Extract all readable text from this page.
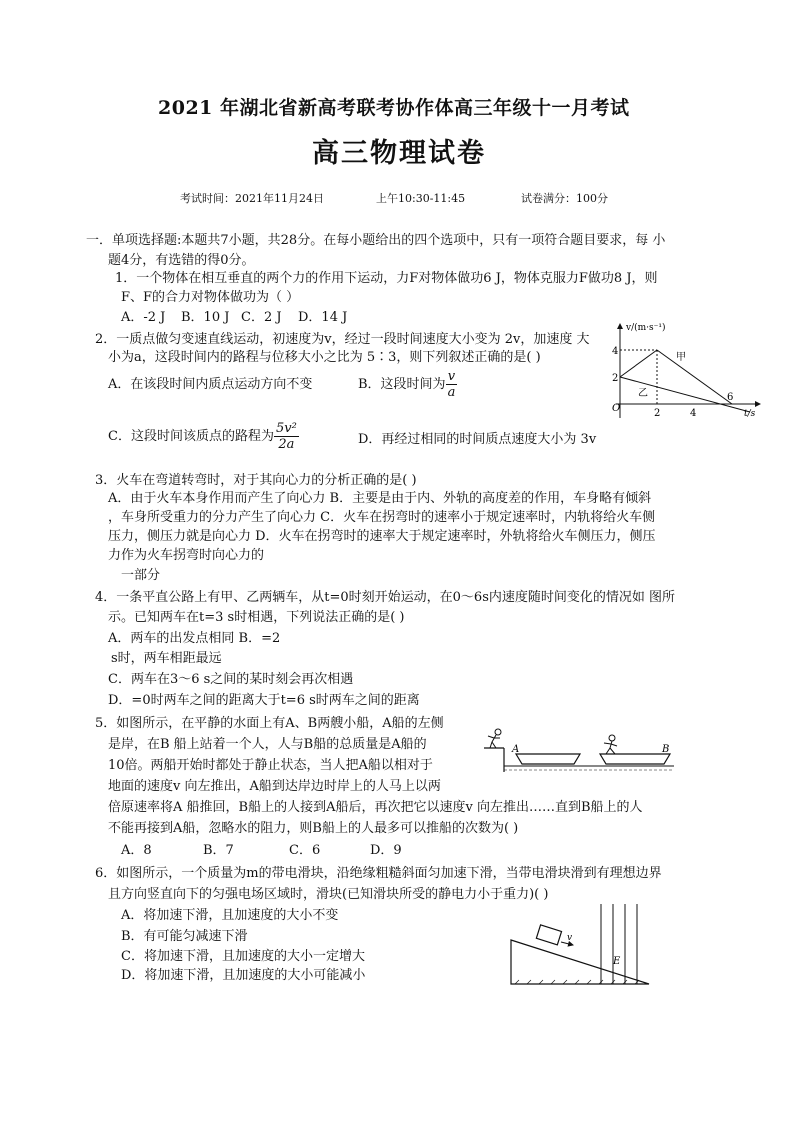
2021 年湖北省新高考联考协作体高三年级十一月考试
高三物理试卷
考试时间：2021年11月24日	上午10:30-11:45	试卷满分：100分
一．单项选择题:本题共7小题，共28分。在每小题给出的四个选项中，只有一项符合题目要求，每 小
题4分，有选错的得0分。
1．一个物体在相互垂直的两个力的作用下运动，力F对物体做功6 J，物体克服力F做功8 J，则
F、F的合力对物体做功为（ ）
A．-2 J B．10 J C．2 J D．14 J
2．一质点做匀变速直线运动，初速度为v，经过一段时间速度大小变为 2v，加速度 大
小为a，这段时间内的路程与位移大小之比为 5∶3，则下列叙述正确的是( )
A．在该段时间内质点运动方向不变	B．这段时间为 $\frac{v}{a}$
C．这段时间该质点的路程为 $\frac{\text{5v²}}{2a}$	D．再经过相同的时间质点速度大小为 3v
v/(m·s⁻¹)
t/s
O
4
2
2	4
6
甲
乙
3．火车在弯道转弯时，对于其向心力的分析正确的是( )
A．由于火车本身作用而产生了向心力 B．主要是由于内、外轨的高度差的作用，车身略有倾斜
，车身所受重力的分力产生了向心力 C．火车在拐弯时的速率小于规定速率时，内轨将给火车侧
压力，侧压力就是向心力 D．火车在拐弯时的速率大于规定速率时，外轨将给火车侧压力，侧压
力作为火车拐弯时向心力的
一部分
4．一条平直公路上有甲、乙两辆车，从t=0时刻开始运动，在0～6s内速度随时间变化的情况如 图所
示。已知两车在t=3 s时相遇，下列说法正确的是( )
A．两车的出发点相同 B．=2
s时，两车相距最远
C．两车在3～6 s之间的某时刻会再次相遇
D．=0时两车之间的距离大于t=6 s时两车之间的距离
5．如图所示，在平静的水面上有A、B两艘小船，A船的左侧
是岸，在B 船上站着一个人，人与B船的总质量是A船的
10倍。两船开始时都处于静止状态，当人把A船以相对于
地面的速度v 向左推出，A船到达岸边时岸上的人马上以两
倍原速率将A 船推回，B船上的人接到A船后，再次把它以速度v 向左推出……直到B船上的人
不能再接到A船，忽略水的阻力，则B船上的人最多可以推船的次数为( )
A．8	B．7	C．6	D．9
A	B
6．如图所示，一个质量为m的带电滑块，沿绝缘粗糙斜面匀加速下滑，当带电滑块滑到有理想边界
且方向竖直向下的匀强电场区域时，滑块(已知滑块所受的静电力小于重力)( )
A．将加速下滑，且加速度的大小不变
B．有可能匀减速下滑
C．将加速下滑，且加速度的大小一定增大
D．将加速下滑，且加速度的大小可能减小
v
E
